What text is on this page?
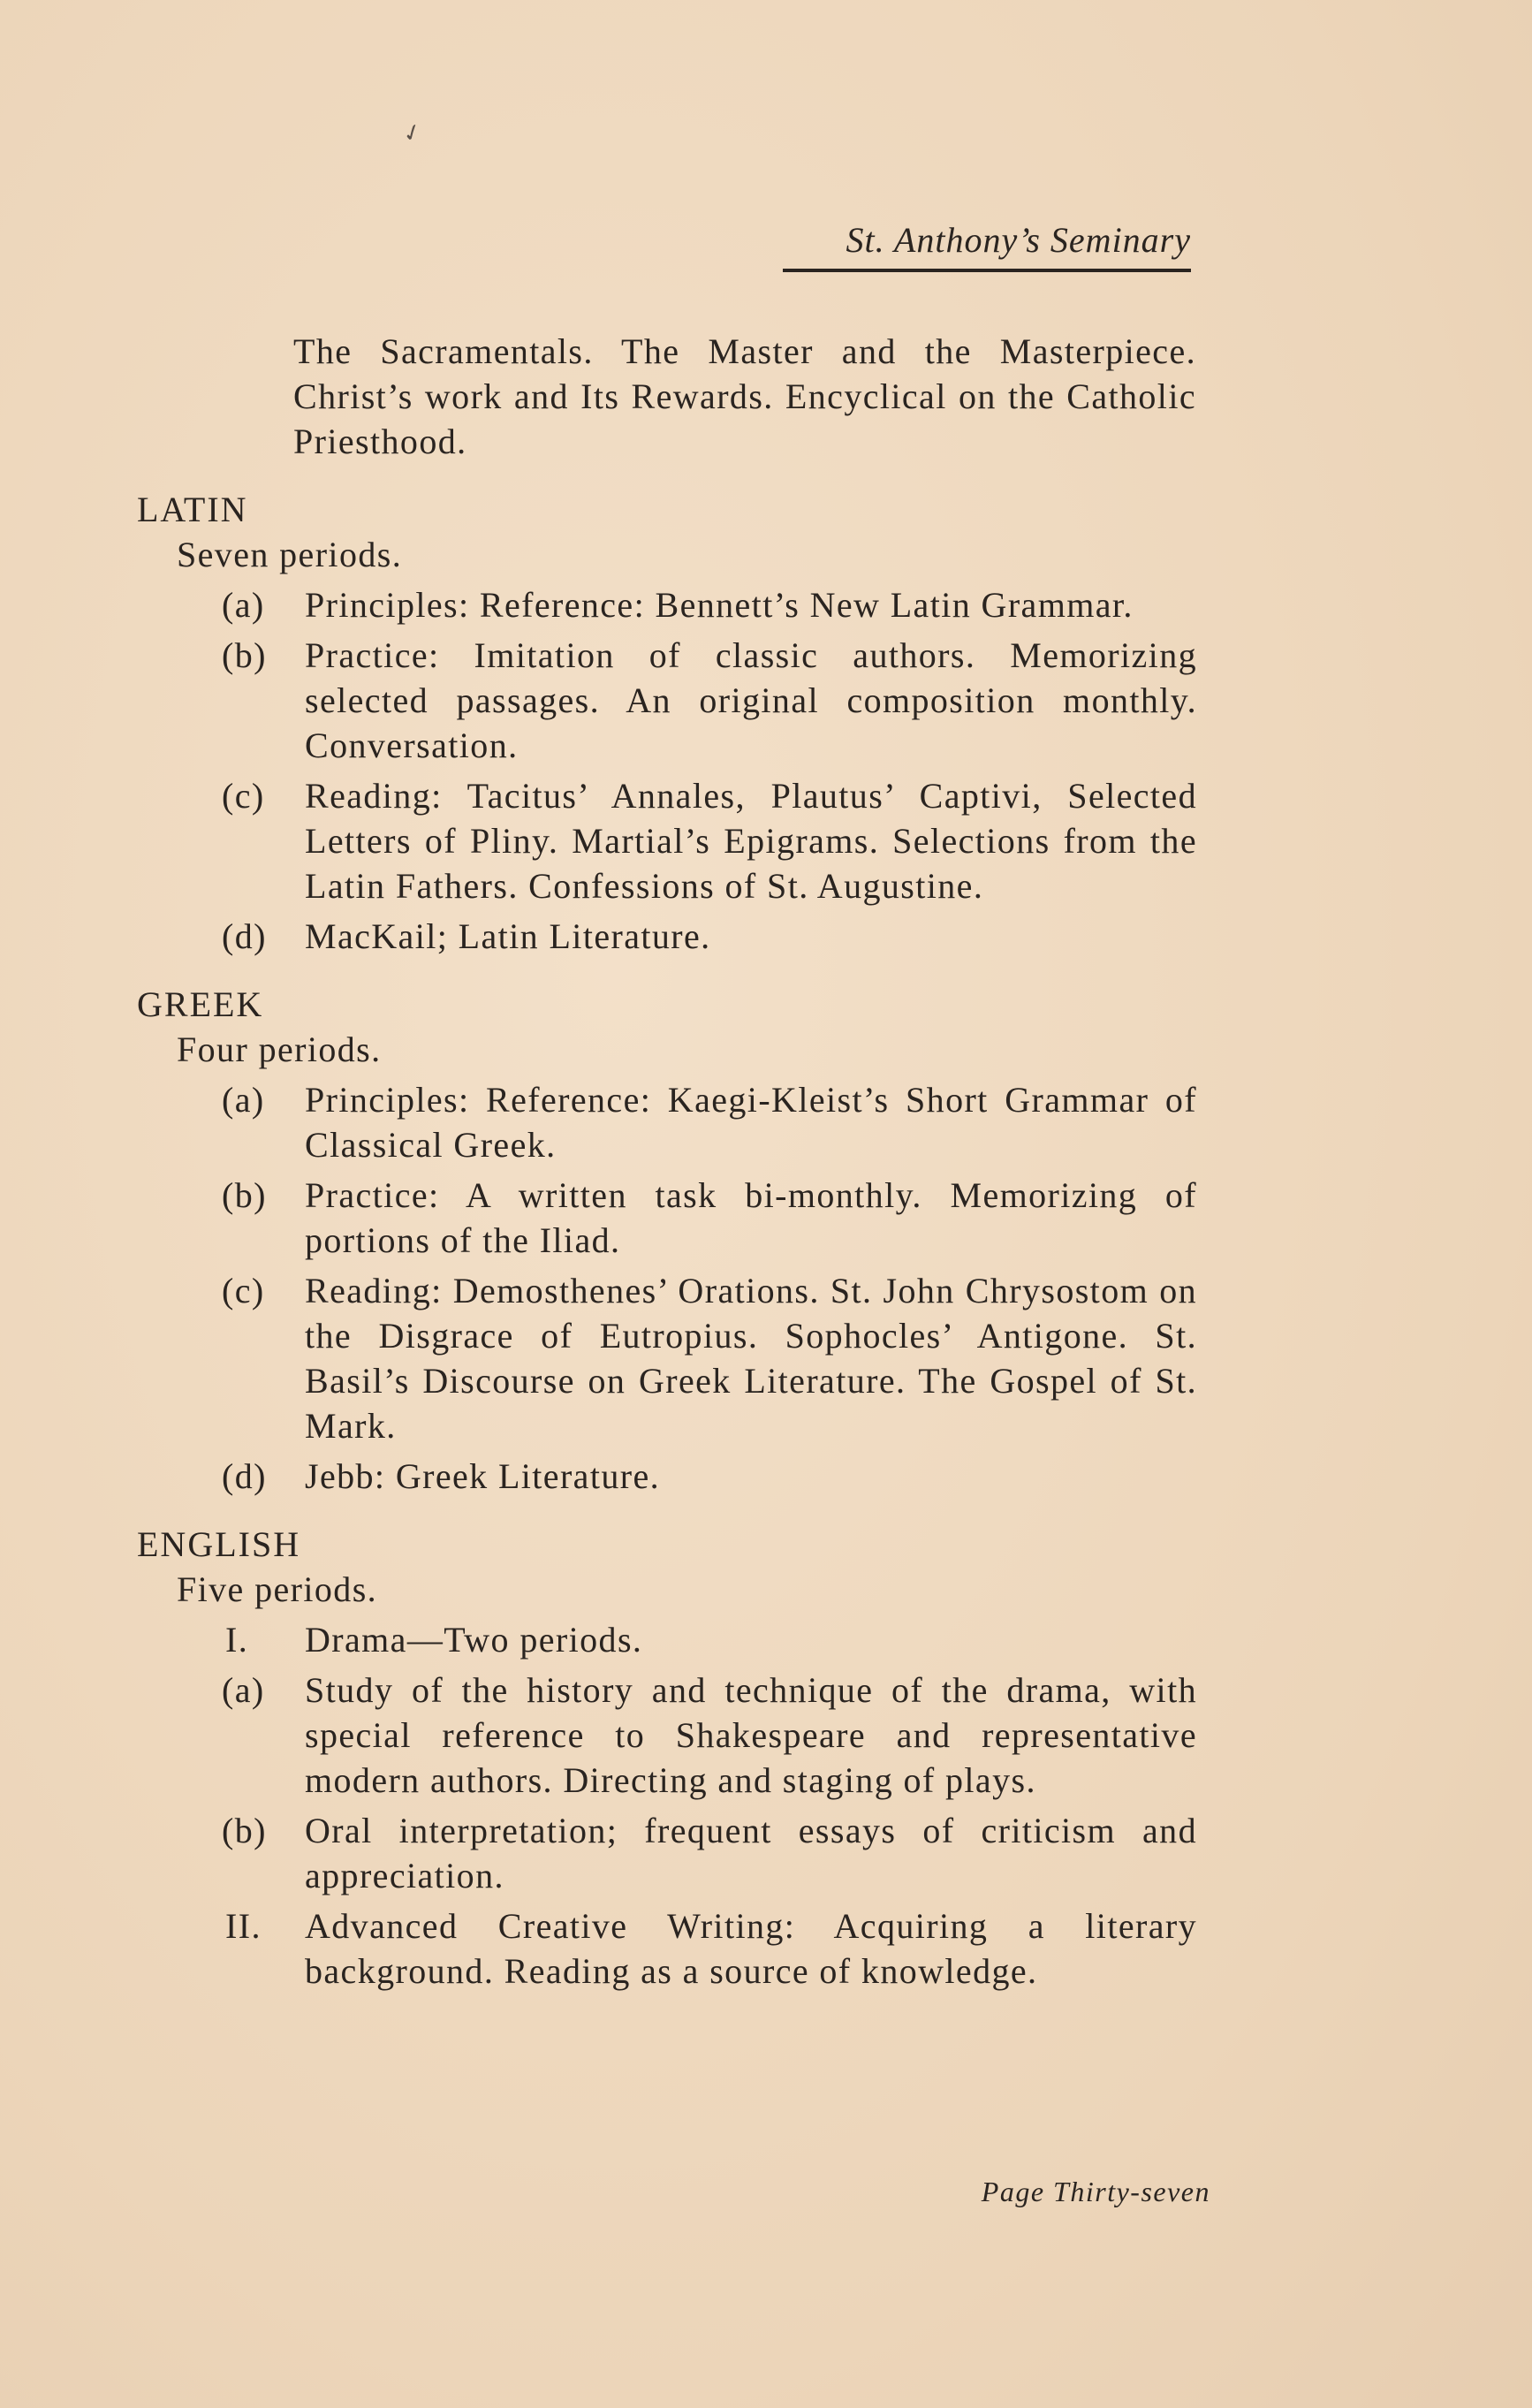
✓
St. Anthony’s Seminary
The Sacramentals. The Master and the Masterpiece. Christ’s work and Its Rewards. Encyclical on the Catholic Priesthood.
LATIN
Seven periods.
(a) Principles: Reference: Bennett’s New Latin Grammar.
(b) Practice: Imitation of classic authors. Memorizing selected passages. An original composition monthly. Conversation.
(c) Reading: Tacitus’ Annales, Plautus’ Captivi, Selected Letters of Pliny. Martial’s Epigrams. Selections from the Latin Fathers. Confessions of St. Augustine.
(d) MacKail; Latin Literature.
GREEK
Four periods.
(a) Principles: Reference: Kaegi-Kleist’s Short Grammar of Classical Greek.
(b) Practice: A written task bi-monthly. Memorizing of portions of the Iliad.
(c) Reading: Demosthenes’ Orations. St. John Chrysostom on the Disgrace of Eutropius. Sophocles’ Antigone. St. Basil’s Discourse on Greek Literature. The Gospel of St. Mark.
(d) Jebb: Greek Literature.
ENGLISH
Five periods.
I. Drama—Two periods.
(a) Study of the history and technique of the drama, with special reference to Shakespeare and representative modern authors. Directing and staging of plays.
(b) Oral interpretation; frequent essays of criticism and appreciation.
II. Advanced Creative Writing: Acquiring a literary background. Reading as a source of knowledge.
Page Thirty-seven
